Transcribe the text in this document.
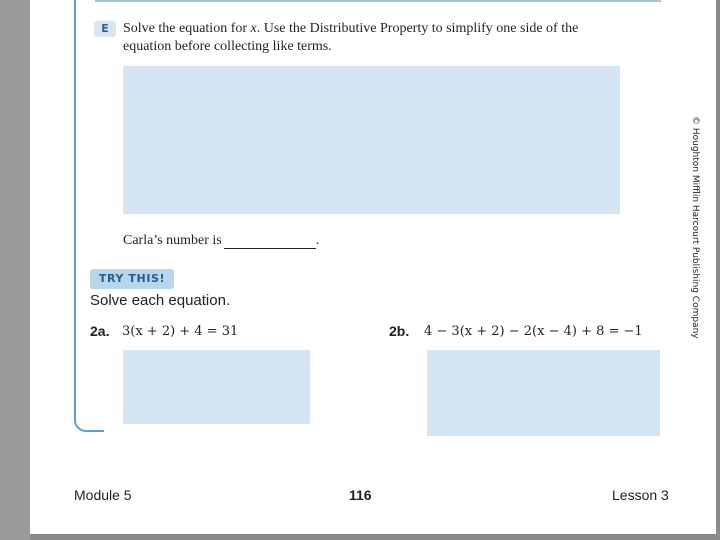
E	Solve the equation for x. Use the Distributive Property to simplify one side of the equation before collecting like terms.
Carla’s number is	.
TRY THIS!
Solve each equation.
2a. 3(x + 2) + 4 = 31	2b. 4 − 3(x + 2) − 2(x − 4) + 8 = −1	© Houghton Mifflin Harcourt Publishing Company
Module 5	116	Lesson 3
